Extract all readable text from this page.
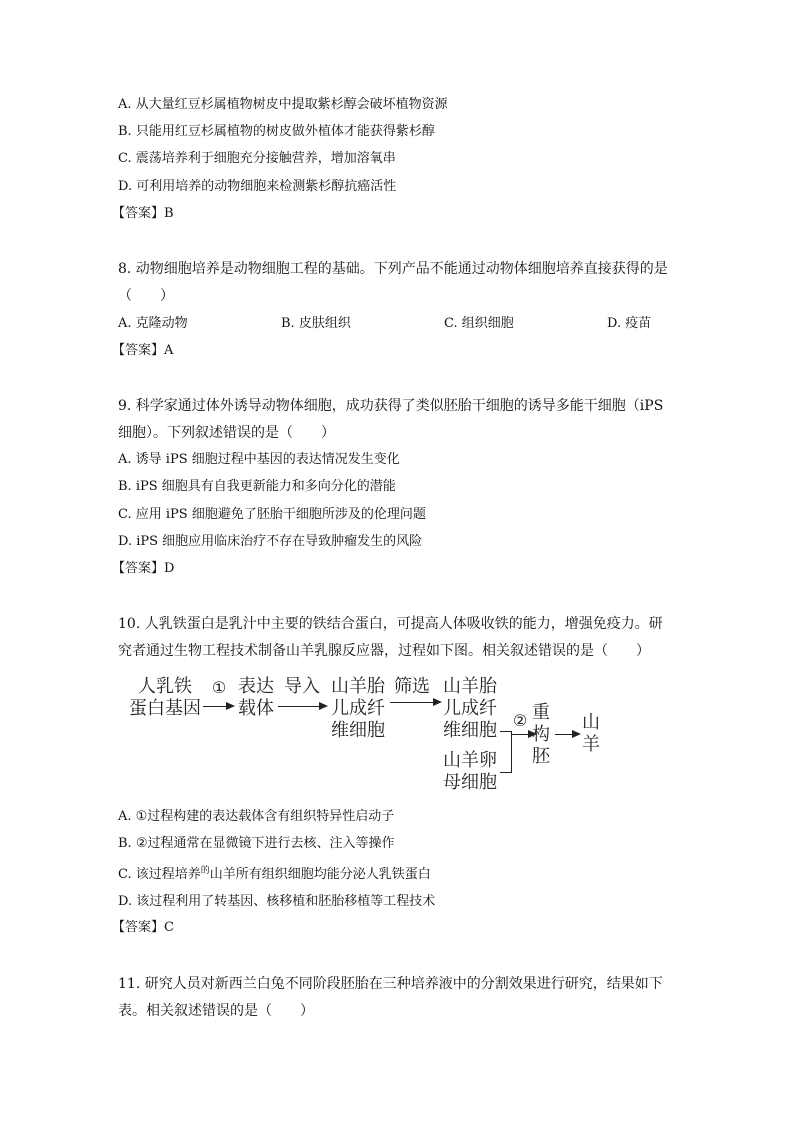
A. 从大量红豆杉属植物树皮中提取紫杉醇会破坏植物资源
B. 只能用红豆杉属植物的树皮做外植体才能获得紫杉醇
C. 震荡培养利于细胞充分接触营养，增加溶氧串
D. 可利用培养的动物细胞来检测紫杉醇抗癌活性
【答案】B
8. 动物细胞培养是动物细胞工程的基础。下列产品不能通过动物体细胞培养直接获得的是
（　　）
A. 克隆动物	B. 皮肤组织	C. 组织细胞	D. 疫苗
【答案】A
9. 科学家通过体外诱导动物体细胞，成功获得了类似胚胎干细胞的诱导多能干细胞（iPS
细胞）。下列叙述错误的是（　　）
A. 诱导 iPS 细胞过程中基因的表达情况发生变化
B. iPS 细胞具有自我更新能力和多向分化的潜能
C. 应用 iPS 细胞避免了胚胎干细胞所涉及的伦理问题
D. iPS 细胞应用临床治疗不存在导致肿瘤发生的风险
【答案】D
10. 人乳铁蛋白是乳汁中主要的铁结合蛋白，可提高人体吸收铁的能力，增强免疫力。研
究者通过生物工程技术制备山羊乳腺反应器，过程如下图。相关叙述错误的是（　　）
人乳铁
蛋白基因
① 表达
载体
导入 山羊胎
儿成纤
维细胞
筛选 山羊胎
儿成纤
维细胞
山羊卵
母细胞
② 重
构
胚
山
羊
A. ①过程构建的表达载体含有组织特异性启动子
B. ②过程通常在显微镜下进行去核、注入等操作
C. 该过程培养$^的$山羊所有组织细胞均能分泌人乳铁蛋白
D. 该过程利用了转基因、核移植和胚胎移植等工程技术
【答案】C
11. 研究人员对新西兰白兔不同阶段胚胎在三种培养液中的分割效果进行研究，结果如下
表。相关叙述错误的是（　　）
